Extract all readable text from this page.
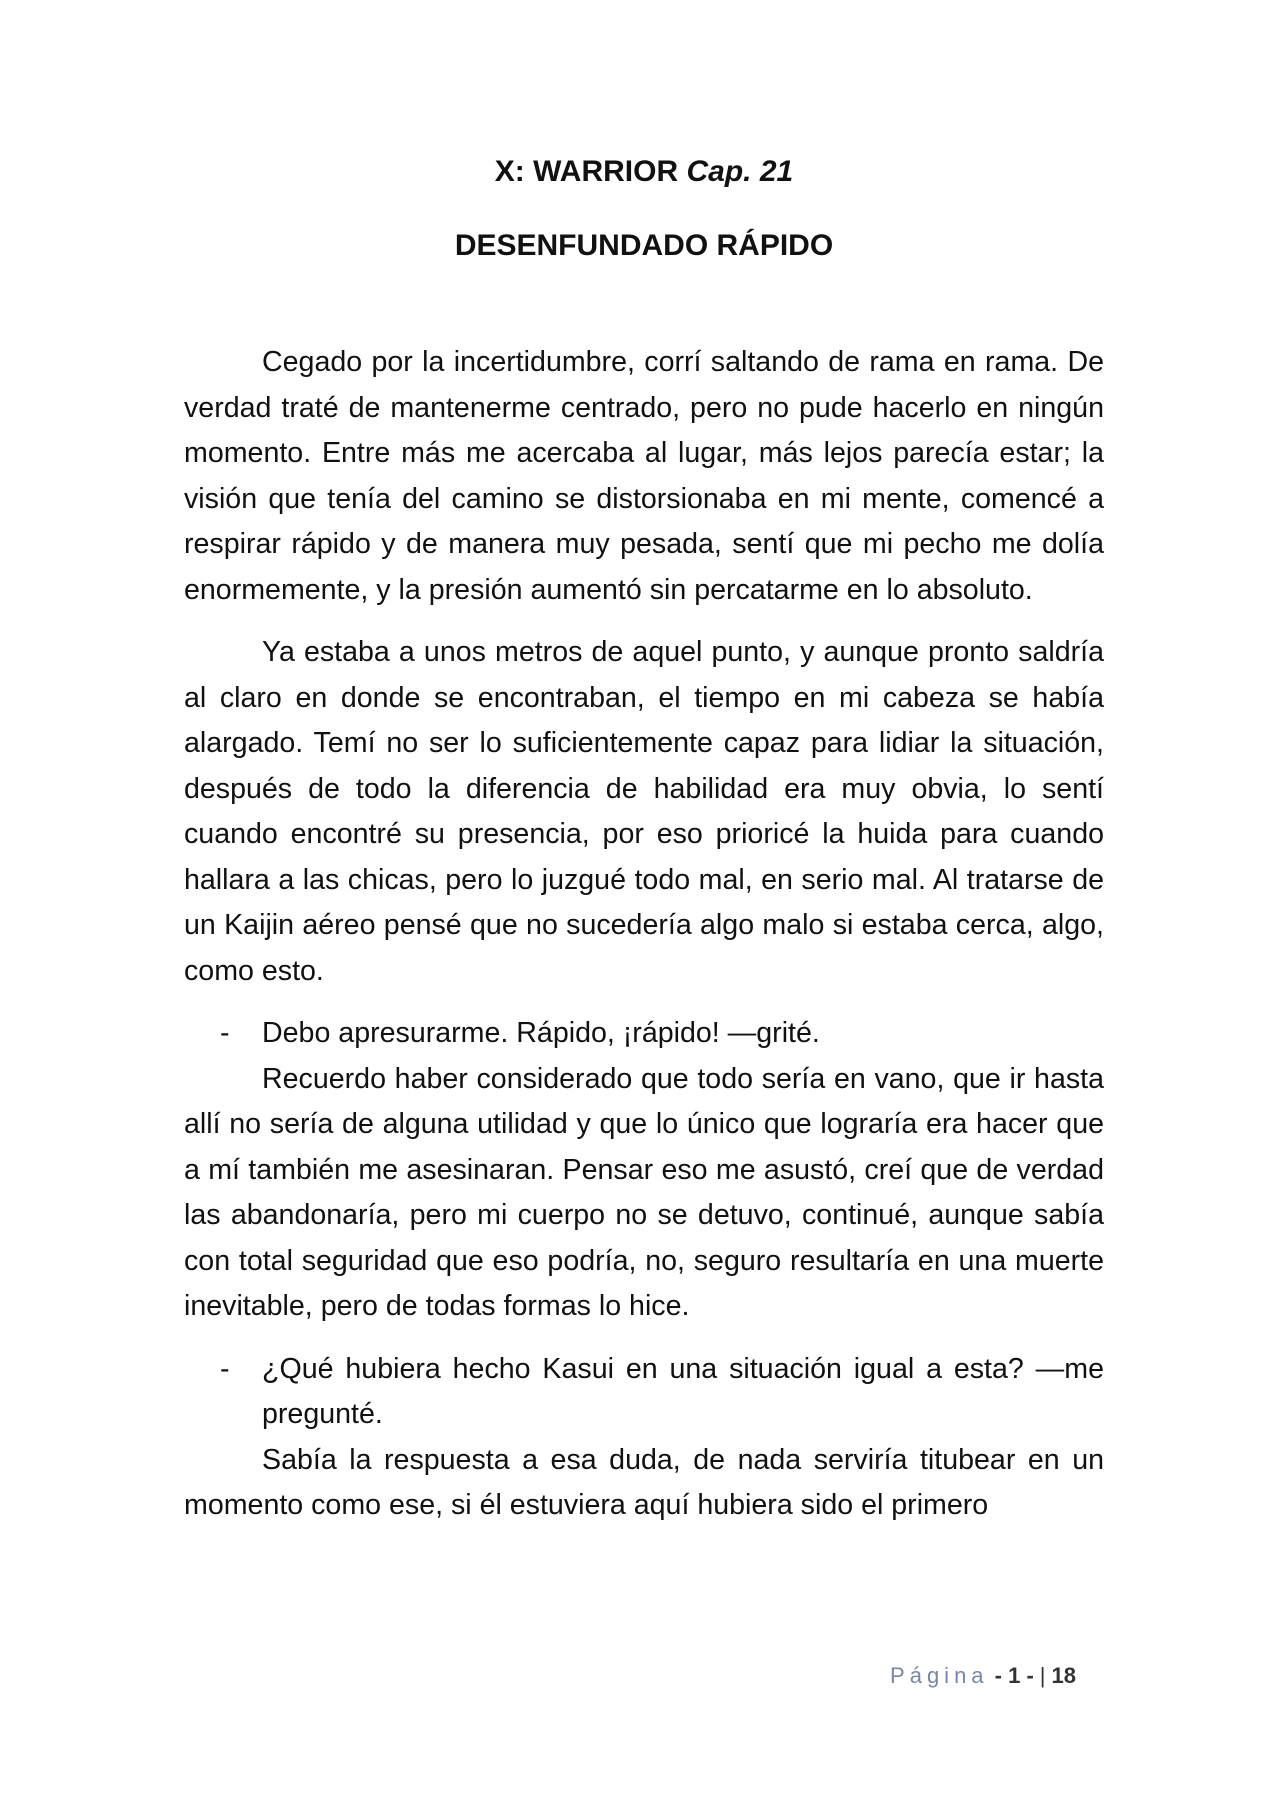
X: WARRIOR Cap. 21
DESENFUNDADO RÁPIDO

Cegado por la incertidumbre, corrí saltando de rama en rama. De verdad traté de mantenerme centrado, pero no pude hacerlo en ningún momento. Entre más me acercaba al lugar, más lejos parecía estar; la visión que tenía del camino se distorsionaba en mi mente, comencé a respirar rápido y de manera muy pesada, sentí que mi pecho me dolía enormemente, y la presión aumentó sin percatarme en lo absoluto.

Ya estaba a unos metros de aquel punto, y aunque pronto saldría al claro en donde se encontraban, el tiempo en mi cabeza se había alargado. Temí no ser lo suficientemente capaz para lidiar la situación, después de todo la diferencia de habilidad era muy obvia, lo sentí cuando encontré su presencia, por eso prioricé la huida para cuando hallara a las chicas, pero lo juzgué todo mal, en serio mal. Al tratarse de un Kaijin aéreo pensé que no sucedería algo malo si estaba cerca, algo, como esto.

- Debo apresurarme. Rápido, ¡rápido! —grité.

Recuerdo haber considerado que todo sería en vano, que ir hasta allí no sería de alguna utilidad y que lo único que lograría era hacer que a mí también me asesinaran. Pensar eso me asustó, creí que de verdad las abandonaría, pero mi cuerpo no se detuvo, continué, aunque sabía con total seguridad que eso podría, no, seguro resultaría en una muerte inevitable, pero de todas formas lo hice.

- ¿Qué hubiera hecho Kasui en una situación igual a esta? —me pregunté.

Sabía la respuesta a esa duda, de nada serviría titubear en un momento como ese, si él estuviera aquí hubiera sido el primero

Página - 1 - | 18
